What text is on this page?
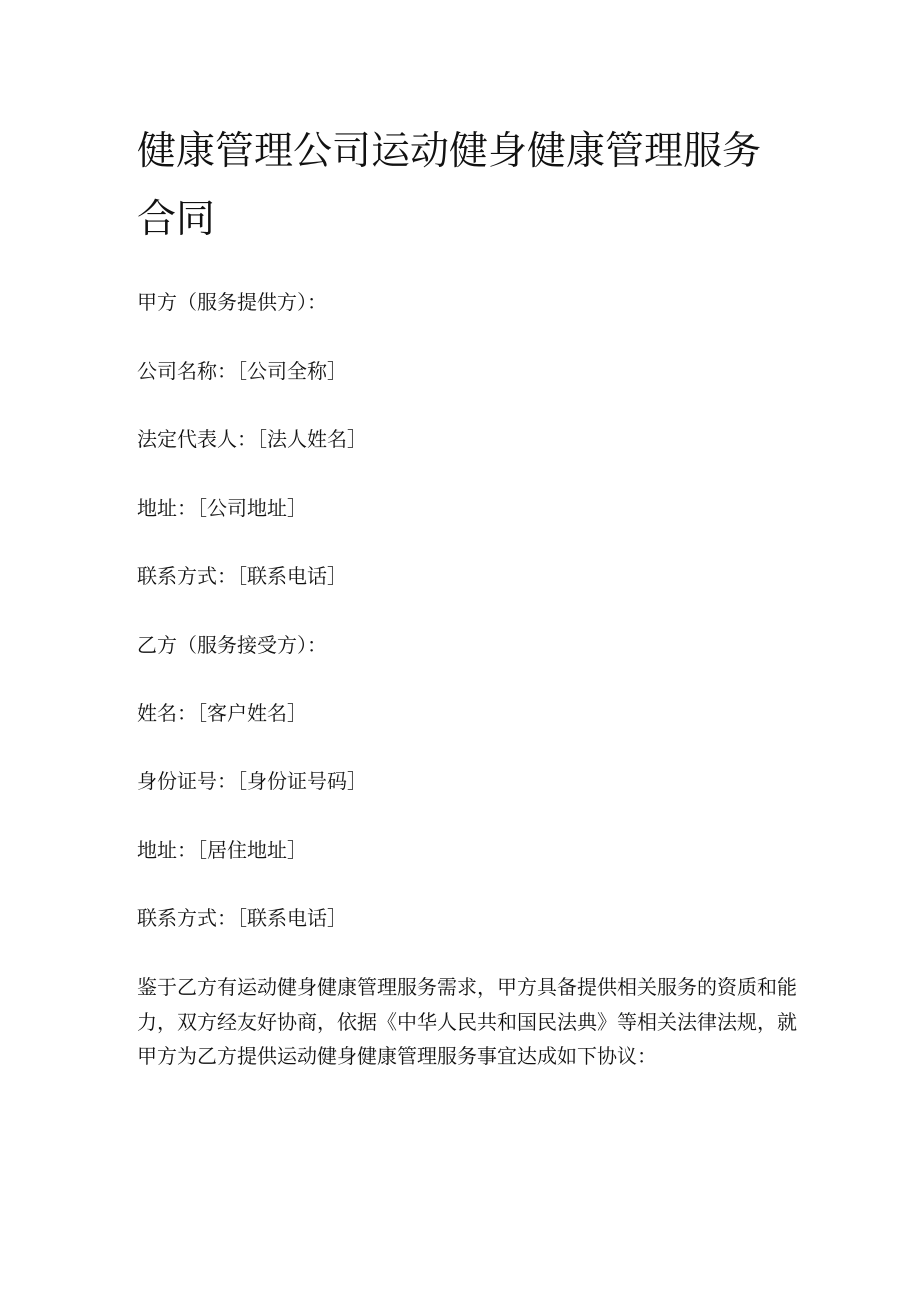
健康管理公司运动健身健康管理服务合同

甲方（服务提供方）：

公司名称：［公司全称］

法定代表人：［法人姓名］

地址：［公司地址］

联系方式：［联系电话］

乙方（服务接受方）：

姓名：［客户姓名］

身份证号：［身份证号码］

地址：［居住地址］

联系方式：［联系电话］

鉴于乙方有运动健身健康管理服务需求，甲方具备提供相关服务的资质和能力，双方经友好协商，依据《中华人民共和国民法典》等相关法律法规，就甲方为乙方提供运动健身健康管理服务事宜达成如下协议：
